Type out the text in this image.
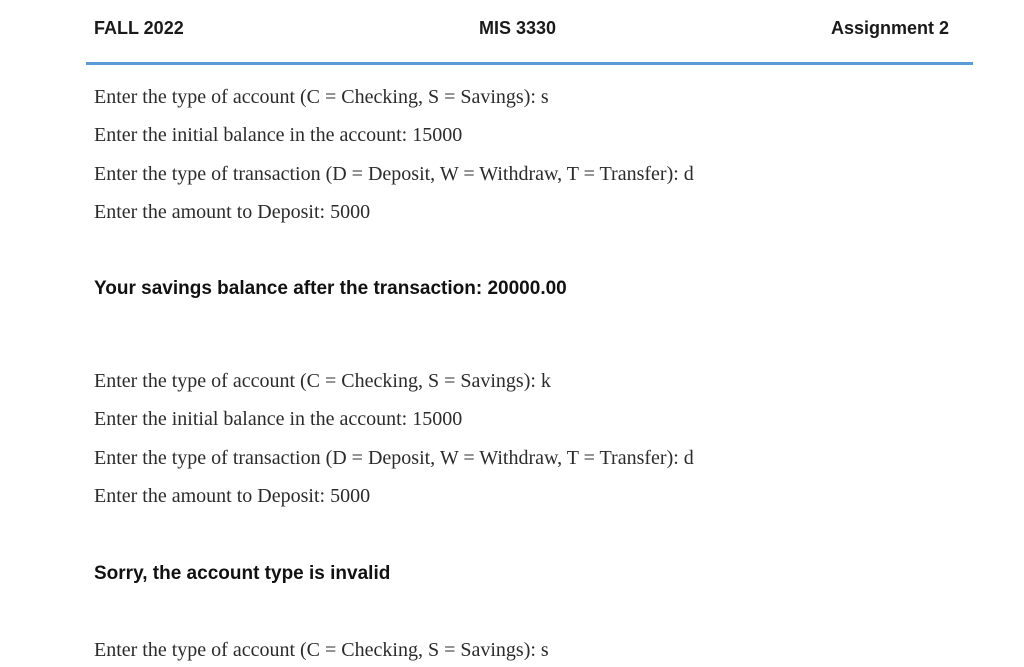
FALL 2022	MIS 3330	Assignment 2
Enter the type of account (C = Checking, S = Savings): s
Enter the initial balance in the account: 15000
Enter the type of transaction (D = Deposit, W = Withdraw, T = Transfer): d
Enter the amount to Deposit: 5000
Your savings balance after the transaction: 20000.00
Enter the type of account (C = Checking, S = Savings): k
Enter the initial balance in the account: 15000
Enter the type of transaction (D = Deposit, W = Withdraw, T = Transfer): d
Enter the amount to Deposit: 5000
Sorry, the account type is invalid
Enter the type of account (C = Checking, S = Savings): s
